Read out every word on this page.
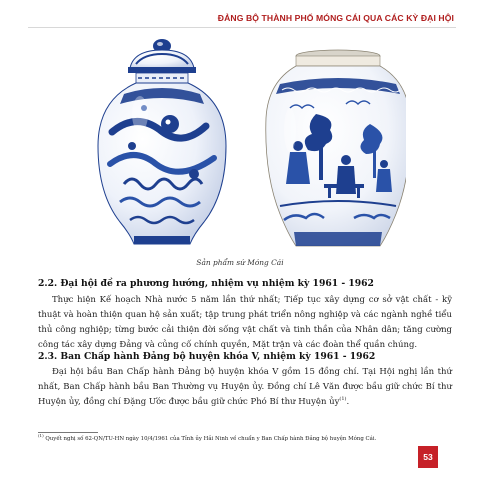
ĐẢNG BỘ THÀNH PHỐ MÓNG CÁI QUA CÁC KỲ ĐẠI HỘI
Sản phẩm sứ Móng Cái
2.2. Đại hội đề ra phương hướng, nhiệm vụ nhiệm kỳ 1961 - 1962
Thực hiện Kế hoạch Nhà nước 5 năm lần thứ nhất; Tiếp tục xây dựng cơ sở vật chất - kỹ thuật và hoàn thiện quan hệ sản xuất; tập trung phát triển nông nghiệp và các ngành nghề tiểu thủ công nghiệp; từng bước cải thiện đời sống vật chất và tinh thần của Nhân dân; tăng cường công tác xây dựng Đảng và củng cố chính quyền, Mặt trận và các đoàn thể quần chúng.
2.3. Ban Chấp hành Đảng bộ huyện khóa V, nhiệm kỳ 1961 - 1962
Đại hội bầu Ban Chấp hành Đảng bộ huyện khóa V gồm 15 đồng chí. Tại Hội nghị lần thứ nhất, Ban Chấp hành bầu Ban Thường vụ Huyện ủy. Đồng chí Lê Văn được bầu giữ chức Bí thư Huyện ủy, đồng chí Đặng Ước được bầu giữ chức Phó Bí thư Huyện ủy$^{(1)}$.
$^{(1)}$ Quyết nghị số 62-QN/TU-HN ngày 10/4/1961 của Tỉnh ủy Hải Ninh về chuẩn y Ban Chấp hành Đảng bộ huyện Móng Cái.
53
